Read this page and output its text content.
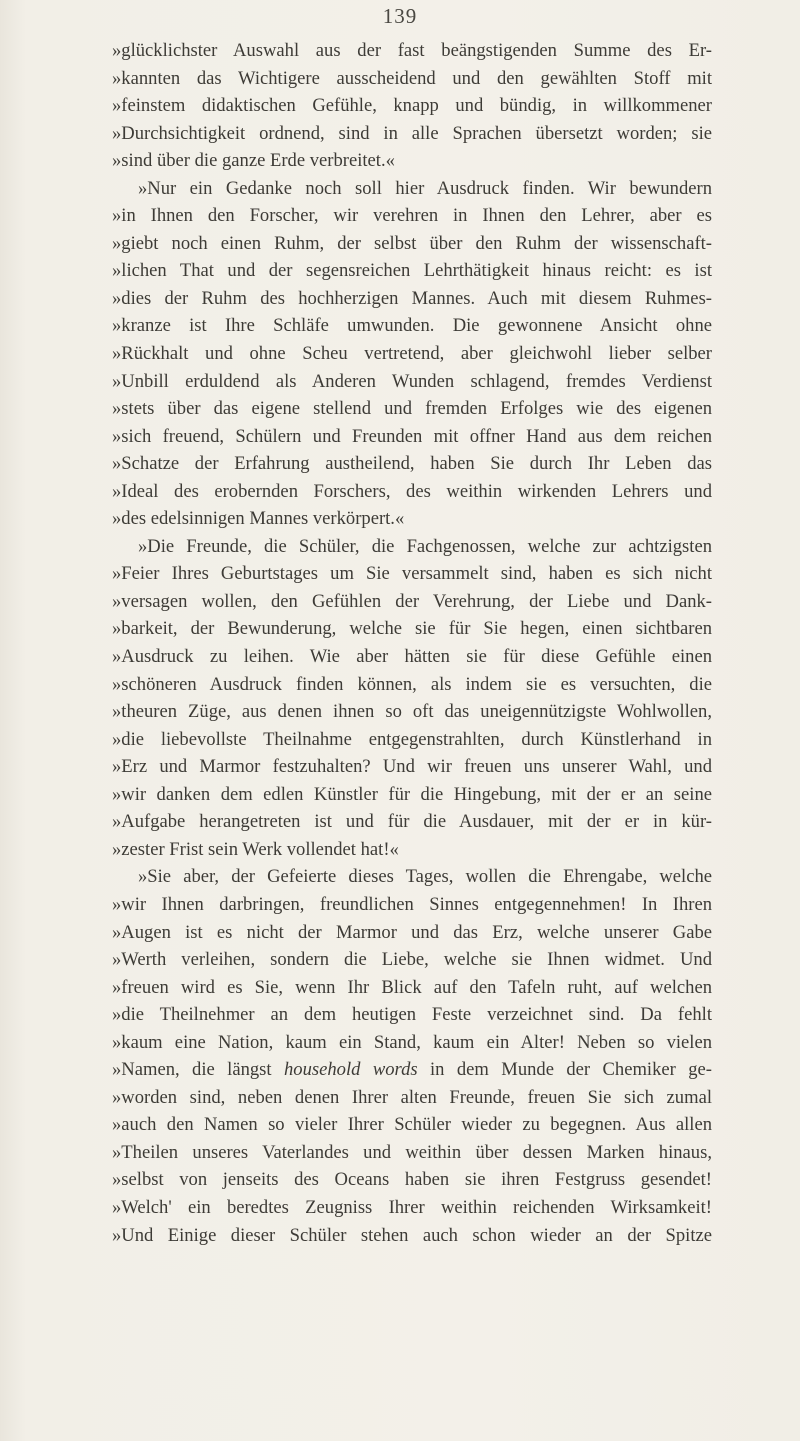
139
»glücklichster Auswahl aus der fast beängstigenden Summe des Er-
»kannten das Wichtigere ausscheidend und den gewählten Stoff mit
»feinstem didaktischen Gefühle, knapp und bündig, in willkommener
»Durchsichtigkeit ordnend, sind in alle Sprachen übersetzt worden; sie
»sind über die ganze Erde verbreitet.«
»Nur ein Gedanke noch soll hier Ausdruck finden. Wir bewundern
»in Ihnen den Forscher, wir verehren in Ihnen den Lehrer, aber es
»giebt noch einen Ruhm, der selbst über den Ruhm der wissenschaft-
»lichen That und der segensreichen Lehrthätigkeit hinaus reicht: es ist
»dies der Ruhm des hochherzigen Mannes. Auch mit diesem Ruhmes-
»kranze ist Ihre Schläfe umwunden. Die gewonnene Ansicht ohne
»Rückhalt und ohne Scheu vertretend, aber gleichwohl lieber selber
»Unbill erduldend als Anderen Wunden schlagend, fremdes Verdienst
»stets über das eigene stellend und fremden Erfolges wie des eigenen
»sich freuend, Schülern und Freunden mit offner Hand aus dem reichen
»Schatze der Erfahrung austheilend, haben Sie durch Ihr Leben das
»Ideal des erobernden Forschers, des weithin wirkenden Lehrers und
»des edelsinnigen Mannes verkörpert.«
»Die Freunde, die Schüler, die Fachgenossen, welche zur achtzigsten
»Feier Ihres Geburtstages um Sie versammelt sind, haben es sich nicht
»versagen wollen, den Gefühlen der Verehrung, der Liebe und Dank-
»barkeit, der Bewunderung, welche sie für Sie hegen, einen sichtbaren
»Ausdruck zu leihen. Wie aber hätten sie für diese Gefühle einen
»schöneren Ausdruck finden können, als indem sie es versuchten, die
»theuren Züge, aus denen ihnen so oft das uneigennützigste Wohlwollen,
»die liebevollste Theilnahme entgegenstrahlten, durch Künstlerhand in
»Erz und Marmor festzuhalten? Und wir freuen uns unserer Wahl, und
»wir danken dem edlen Künstler für die Hingebung, mit der er an seine
»Aufgabe herangetreten ist und für die Ausdauer, mit der er in kür-
»zester Frist sein Werk vollendet hat!«
»Sie aber, der Gefeierte dieses Tages, wollen die Ehrengabe, welche
»wir Ihnen darbringen, freundlichen Sinnes entgegennehmen! In Ihren
»Augen ist es nicht der Marmor und das Erz, welche unserer Gabe
»Werth verleihen, sondern die Liebe, welche sie Ihnen widmet. Und
»freuen wird es Sie, wenn Ihr Blick auf den Tafeln ruht, auf welchen
»die Theilnehmer an dem heutigen Feste verzeichnet sind. Da fehlt
»kaum eine Nation, kaum ein Stand, kaum ein Alter! Neben so vielen
»Namen, die längst household words in dem Munde der Chemiker ge-
»worden sind, neben denen Ihrer alten Freunde, freuen Sie sich zumal
»auch den Namen so vieler Ihrer Schüler wieder zu begegnen. Aus allen
»Theilen unseres Vaterlandes und weithin über dessen Marken hinaus,
»selbst von jenseits des Oceans haben sie ihren Festgruss gesendet!
»Welch' ein beredtes Zeugniss Ihrer weithin reichenden Wirksamkeit!
»Und Einige dieser Schüler stehen auch schon wieder an der Spitze
